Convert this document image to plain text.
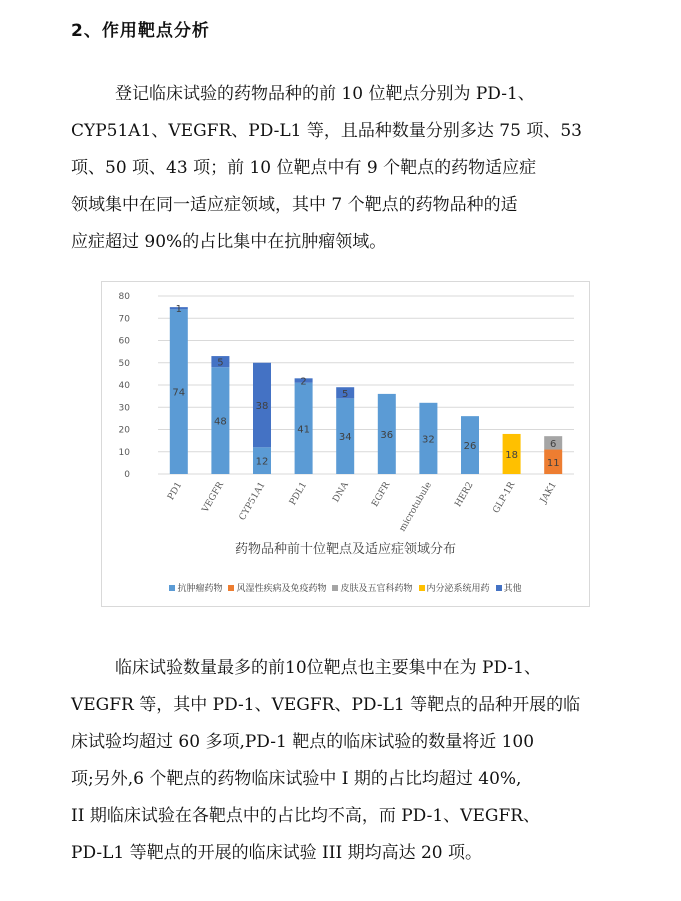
2、作用靶点分析
登记临床试验的药物品种的前 10 位靶点分别为 PD-1、
CYP51A1、VEGFR、PD-L1 等，且品种数量分别多达 75 项、53
项、50 项、43 项；前 10 位靶点中有 9 个靶点的药物适应症
领域集中在同一适应症领域，其中 7 个靶点的药物品种的适
应症超过 90%的占比集中在抗肿瘤领域。
0
10
20
30
40
50
60
70
80
74
1
PD1
48
5
VEGFR
12
38
CYP51A1
41
2
PDL1
34
5
DNA
36
EGFR
32
microtubule
26
HER2
18
GLP-1R
11
6
JAK1
药物品种前十位靶点及适应症领域分布
抗肿瘤药物 风湿性疾病及免疫药物 皮肤及五官科药物 内分泌系统用药 其他
临床试验数量最多的前10位靶点也主要集中在为 PD-1、
VEGFR 等，其中 PD-1、VEGFR、PD-L1 等靶点的品种开展的临
床试验均超过 60 多项,PD-1 靶点的临床试验的数量将近 100
项;另外,6 个靶点的药物临床试验中 I 期的占比均超过 40%,
II 期临床试验在各靶点中的占比均不高，而 PD-1、VEGFR、
PD-L1 等靶点的开展的临床试验 III 期均高达 20 项。
